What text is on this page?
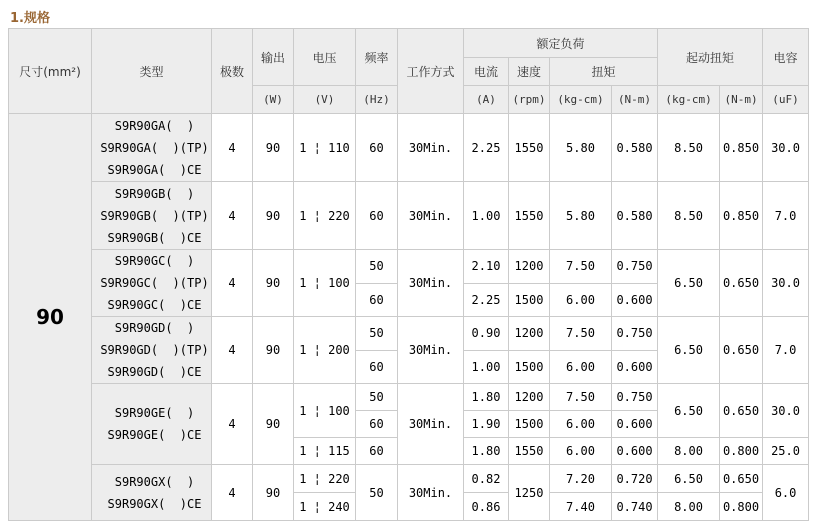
1.规格
尺寸(mm²)	类型	极数	输出	电压	频率	工作方式	额定负荷				起动扭矩		电容
							电流	速度	扭矩				
			(W)	(V)	(Hz)		(A)	(rpm)	(kg-cm)	(N-m)	(kg-cm)	(N-m)	(uF)
90	S9R90GA(  )
S9R90GA(  )(TP)
S9R90GA(  )CE	4	90	1 ¦ 110	60	30Min.	2.25	1550	5.80	0.580	8.50	0.850	30.0

	S9R90GB(  )
S9R90GB(  )(TP)
S9R90GB(  )CE	4	90	1 ¦ 220	60	30Min.	1.00	1550	5.80	0.580	8.50	0.850	7.0

	S9R90GC(  )
S9R90GC(  )(TP)
S9R90GC(  )CE	4	90	1 ¦ 100	50	30Min.	2.10	1200	7.50	0.750	6.50	0.650	30.0
					60		2.25	1500	6.00	0.600			

	S9R90GD(  )
S9R90GD(  )(TP)
S9R90GD(  )CE	4	90	1 ¦ 200	50	30Min.	0.90	1200	7.50	0.750	6.50	0.650	7.0
					60		1.00	1500	6.00	0.600			

	S9R90GE(  )
S9R90GE(  )CE	4	90	1 ¦ 100	50	30Min.	1.80	1200	7.50	0.750	6.50	0.650	30.0
					60		1.90	1500	6.00	0.600			
				1 ¦ 115	60		1.80	1550	6.00	0.600	8.00	0.800	25.0

	S9R90GX(  )
S9R90GX(  )CE	4	90	1 ¦ 220	50	30Min.	0.82	1250	7.20	0.720	6.50	0.650	6.0
				1 ¦ 240			0.86		7.40	0.740	8.00	0.800	
